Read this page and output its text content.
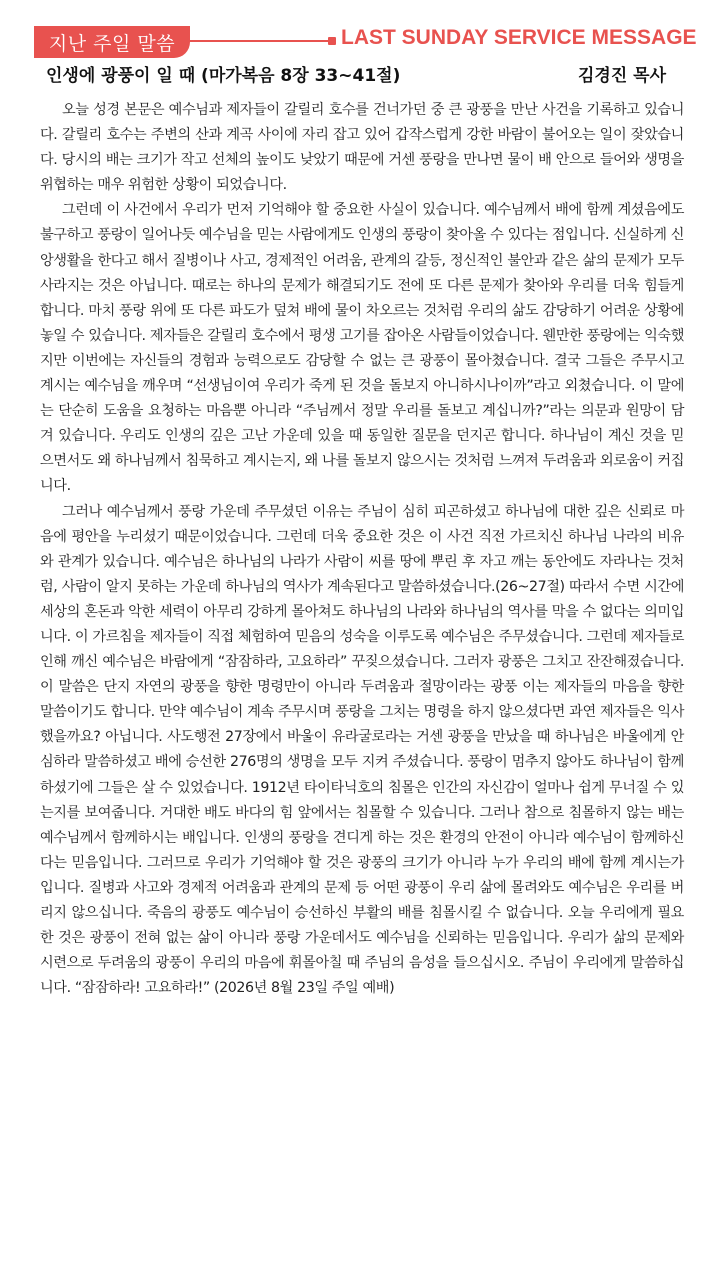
지난 주일 말씀	LAST SUNDAY SERVICE MESSAGE
인생에 광풍이 일 때 (마가복음 8장 33~41절)	김경진 목사

오늘 성경 본문은 예수님과 제자들이 갈릴리 호수를 건너가던 중 큰 광풍을 만난 사건을 기록하고 있습니다. 갈릴리 호수는 주변의 산과 계곡 사이에 자리 잡고 있어 갑작스럽게 강한 바람이 불어오는 일이 잦았습니다. 당시의 배는 크기가 작고 선체의 높이도 낮았기 때문에 거센 풍랑을 만나면 물이 배 안으로 들어와 생명을 위협하는 매우 위험한 상황이 되었습니다.

그런데 이 사건에서 우리가 먼저 기억해야 할 중요한 사실이 있습니다. 예수님께서 배에 함께 계셨음에도 불구하고 풍랑이 일어나듯 예수님을 믿는 사람에게도 인생의 풍랑이 찾아올 수 있다는 점입니다. 신실하게 신앙생활을 한다고 해서 질병이나 사고, 경제적인 어려움, 관계의 갈등, 정신적인 불안과 같은 삶의 문제가 모두 사라지는 것은 아닙니다. 때로는 하나의 문제가 해결되기도 전에 또 다른 문제가 찾아와 우리를 더욱 힘들게 합니다. 마치 풍랑 위에 또 다른 파도가 덮쳐 배에 물이 차오르는 것처럼 우리의 삶도 감당하기 어려운 상황에 놓일 수 있습니다. 제자들은 갈릴리 호수에서 평생 고기를 잡아온 사람들이었습니다. 웬만한 풍랑에는 익숙했지만 이번에는 자신들의 경험과 능력으로도 감당할 수 없는 큰 광풍이 몰아쳤습니다. 결국 그들은 주무시고 계시는 예수님을 깨우며 “선생님이여 우리가 죽게 된 것을 돌보지 아니하시나이까”라고 외쳤습니다. 이 말에는 단순히 도움을 요청하는 마음뿐 아니라 “주님께서 정말 우리를 돌보고 계십니까?”라는 의문과 원망이 담겨 있습니다. 우리도 인생의 깊은 고난 가운데 있을 때 동일한 질문을 던지곤 합니다. 하나님이 계신 것을 믿으면서도 왜 하나님께서 침묵하고 계시는지, 왜 나를 돌보지 않으시는 것처럼 느껴져 두려움과 외로움이 커집니다.

그러나 예수님께서 풍랑 가운데 주무셨던 이유는 주님이 심히 피곤하셨고 하나님에 대한 깊은 신뢰로 마음에 평안을 누리셨기 때문이었습니다. 그런데 더욱 중요한 것은 이 사건 직전 가르치신 하나님 나라의 비유와 관계가 있습니다. 예수님은 하나님의 나라가 사람이 씨를 땅에 뿌린 후 자고 깨는 동안에도 자라나는 것처럼, 사람이 알지 못하는 가운데 하나님의 역사가 계속된다고 말씀하셨습니다.(26~27절) 따라서 수면 시간에 세상의 혼돈과 악한 세력이 아무리 강하게 몰아쳐도 하나님의 나라와 하나님의 역사를 막을 수 없다는 의미입니다. 이 가르침을 제자들이 직접 체험하여 믿음의 성숙을 이루도록 예수님은 주무셨습니다. 그런데 제자들로 인해 깨신 예수님은 바람에게 “잠잠하라, 고요하라” 꾸짖으셨습니다. 그러자 광풍은 그치고 잔잔해졌습니다. 이 말씀은 단지 자연의 광풍을 향한 명령만이 아니라 두려움과 절망이라는 광풍 이는 제자들의 마음을 향한 말씀이기도 합니다. 만약 예수님이 계속 주무시며 풍랑을 그치는 명령을 하지 않으셨다면 과연 제자들은 익사했을까요? 아닙니다. 사도행전 27장에서 바울이 유라굴로라는 거센 광풍을 만났을 때 하나님은 바울에게 안심하라 말씀하셨고 배에 승선한 276명의 생명을 모두 지켜 주셨습니다. 풍랑이 멈추지 않아도 하나님이 함께 하셨기에 그들은 살 수 있었습니다. 1912년 타이타닉호의 침몰은 인간의 자신감이 얼마나 쉽게 무너질 수 있는지를 보여줍니다. 거대한 배도 바다의 힘 앞에서는 침몰할 수 있습니다. 그러나 참으로 침몰하지 않는 배는 예수님께서 함께하시는 배입니다. 인생의 풍랑을 견디게 하는 것은 환경의 안전이 아니라 예수님이 함께하신다는 믿음입니다. 그러므로 우리가 기억해야 할 것은 광풍의 크기가 아니라 누가 우리의 배에 함께 계시는가입니다. 질병과 사고와 경제적 어려움과 관계의 문제 등 어떤 광풍이 우리 삶에 몰려와도 예수님은 우리를 버리지 않으십니다. 죽음의 광풍도 예수님이 승선하신 부활의 배를 침몰시킬 수 없습니다. 오늘 우리에게 필요한 것은 광풍이 전혀 없는 삶이 아니라 풍랑 가운데서도 예수님을 신뢰하는 믿음입니다. 우리가 삶의 문제와 시련으로 두려움의 광풍이 우리의 마음에 휘몰아칠 때 주님의 음성을 들으십시오. 주님이 우리에게 말씀하십니다. “잠잠하라! 고요하라!” (2026년 8월 23일 주일 예배)
